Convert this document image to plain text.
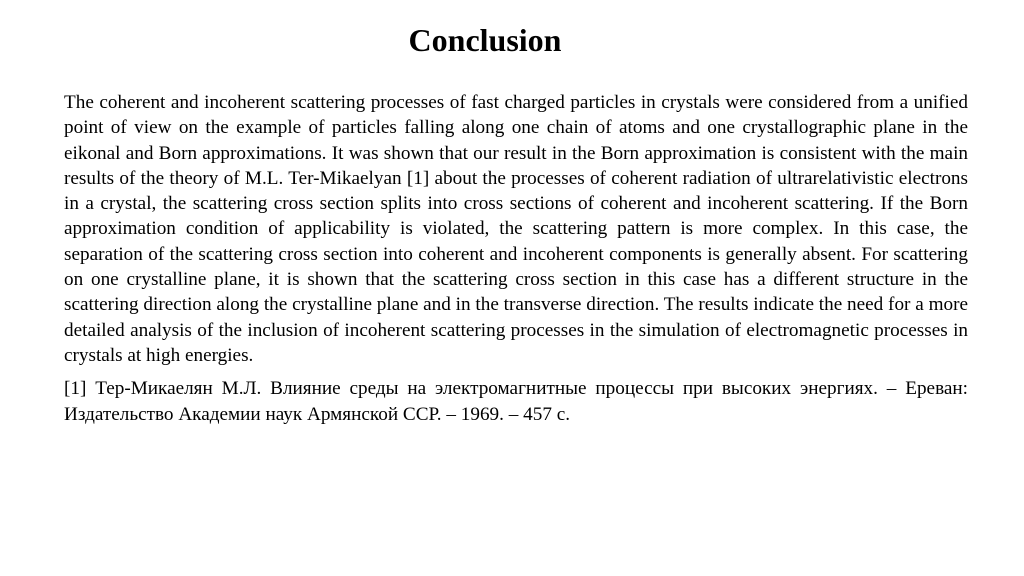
Conclusion

The coherent and incoherent scattering processes of fast charged particles in crystals were considered from a unified point of view on the example of particles falling along one chain of atoms and one crystallographic plane in the eikonal and Born approximations. It was shown that our result in the Born approximation is consistent with the main results of the theory of M.L. Ter-Mikaelyan [1] about the processes of coherent radiation of ultrarelativistic electrons in a crystal, the scattering cross section splits into cross sections of coherent and incoherent scattering. If the Born approximation condition of applicability is violated, the scattering pattern is more complex. In this case, the separation of the scattering cross section into coherent and incoherent components is generally absent. For scattering on one crystalline plane, it is shown that the scattering cross section in this case has a different structure in the scattering direction along the crystalline plane and in the transverse direction. The results indicate the need for a more detailed analysis of the inclusion of incoherent scattering processes in the simulation of electromagnetic processes in crystals at high energies.

[1] Тер-Микаелян М.Л. Влияние среды на электромагнитные процессы при высоких энергиях. – Ереван: Издательство Академии наук Армянской ССР. – 1969. – 457 с.
